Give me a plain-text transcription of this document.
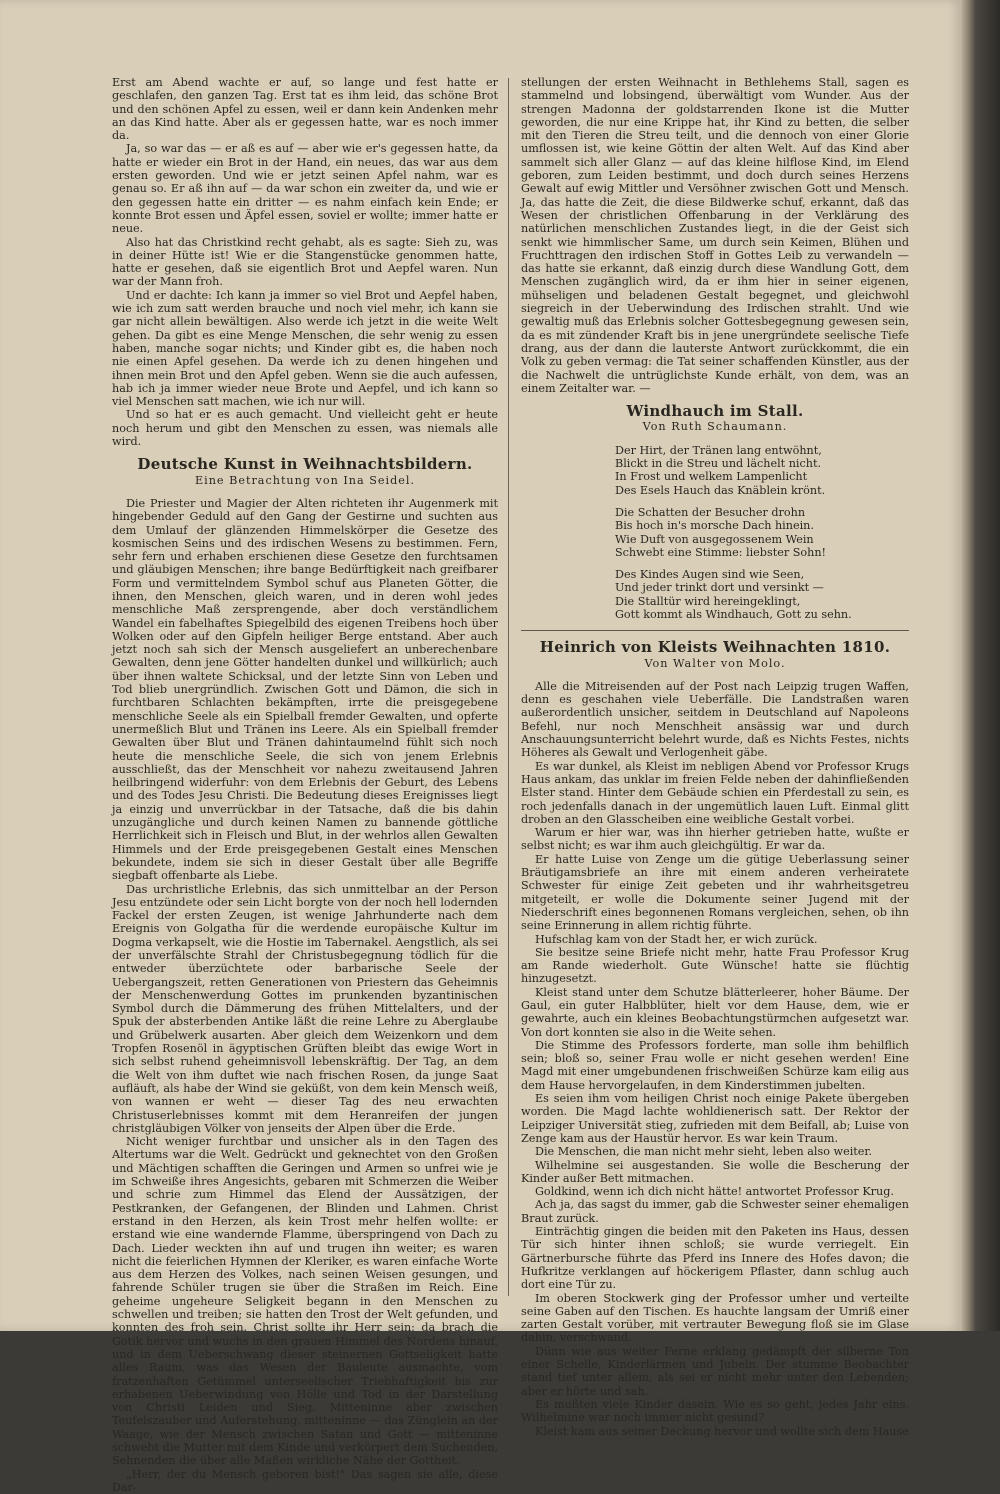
Erst am Abend wachte er auf, so lange und fest hatte er geschlafen, den ganzen Tag. Erst tat es ihm leid, das schöne Brot und den schönen Apfel zu essen, weil er dann kein Andenken mehr an das Kind hatte. Aber als er gegessen hatte, war es noch immer da.

Ja, so war das — er aß es auf — aber wie er's gegessen hatte, da hatte er wieder ein Brot in der Hand, ein neues, das war aus dem ersten geworden. Und wie er jetzt seinen Apfel nahm, war es genau so. Er aß ihn auf — da war schon ein zweiter da, und wie er den gegessen hatte ein dritter — es nahm einfach kein Ende; er konnte Brot essen und Äpfel essen, soviel er wollte; immer hatte er neue.

Also hat das Christkind recht gehabt, als es sagte: Sieh zu, was in deiner Hütte ist! Wie er die Stangenstücke genommen hatte, hatte er gesehen, daß sie eigentlich Brot und Aepfel waren. Nun war der Mann froh.

Und er dachte: Ich kann ja immer so viel Brot und Aepfel haben, wie ich zum satt werden brauche und noch viel mehr, ich kann sie gar nicht allein bewältigen. Also werde ich jetzt in die weite Welt gehen. Da gibt es eine Menge Menschen, die sehr wenig zu essen haben, manche sogar nichts; und Kinder gibt es, die haben noch nie einen Apfel gesehen. Da werde ich zu denen hingehen und ihnen mein Brot und den Apfel geben. Wenn sie die auch aufessen, hab ich ja immer wieder neue Brote und Aepfel, und ich kann so viel Menschen satt machen, wie ich nur will.

Und so hat er es auch gemacht. Und vielleicht geht er heute noch herum und gibt den Menschen zu essen, was niemals alle wird.

Deutsche Kunst in Weihnachtsbildern.
Eine Betrachtung von Ina Seidel.

Die Priester und Magier der Alten richteten ihr Augenmerk mit hingebender Geduld auf den Gang der Gestirne und suchten aus dem Umlauf der glänzenden Himmelskörper die Gesetze des kosmischen Seins und des irdischen Wesens zu bestimmen. Fern, sehr fern und erhaben erschienen diese Gesetze den furchtsamen und gläubigen Menschen; ihre bange Bedürftigkeit nach greifbarer Form und vermittelndem Symbol schuf aus Planeten Götter, die ihnen, den Menschen, gleich waren, und in deren wohl jedes menschliche Maß zersprengende, aber doch verständlichem Wandel ein fabelhaftes Spiegelbild des eigenen Treibens hoch über Wolken oder auf den Gipfeln heiliger Berge entstand. Aber auch jetzt noch sah sich der Mensch ausgeliefert an unberechenbare Gewalten, denn jene Götter handelten dunkel und willkürlich; auch über ihnen waltete Schicksal, und der letzte Sinn von Leben und Tod blieb unergründlich. Zwischen Gott und Dämon, die sich in furchtbaren Schlachten bekämpften, irrte die preisgegebene menschliche Seele als ein Spielball fremder Gewalten, und opferte unermeßlich Blut und Tränen ins Leere. Als ein Spielball fremder Gewalten über Blut und Tränen dahintaumelnd fühlt sich noch heute die menschliche Seele, die sich von jenem Erlebnis ausschließt, das der Menschheit vor nahezu zweitausend Jahren heilbringend widerfuhr: von dem Erlebnis der Geburt, des Lebens und des Todes Jesu Christi. Die Bedeutung dieses Ereignisses liegt ja einzig und unverrückbar in der Tatsache, daß die bis dahin unzugängliche und durch keinen Namen zu bannende göttliche Herrlichkeit sich in Fleisch und Blut, in der wehrlos allen Gewalten Himmels und der Erde preisgegebenen Gestalt eines Menschen bekundete, indem sie sich in dieser Gestalt über alle Begriffe siegbaft offenbarte als Liebe.

Das urchristliche Erlebnis, das sich unmittelbar an der Person Jesu entzündete oder sein Licht borgte von der noch hell lodernden Fackel der ersten Zeugen, ist wenige Jahrhunderte nach dem Ereignis von Golgatha für die werdende europäische Kultur im Dogma verkapselt, wie die Hostie im Tabernakel. Aengstlich, als sei der unverfälschte Strahl der Christusbegegnung tödlich für die entweder überzüchtete oder barbarische Seele der Uebergangszeit, retten Generationen von Priestern das Geheimnis der Menschenwerdung Gottes im prunkenden byzantinischen Symbol durch die Dämmerung des frühen Mittelalters, und der Spuk der absterbenden Antike läßt die reine Lehre zu Aberglaube und Grübelwerk ausarten. Aber gleich dem Weizenkorn und dem Tropfen Rosenöl in ägyptischen Grüften bleibt das ewige Wort in sich selbst ruhend geheimnisvoll lebenskräftig. Der Tag, an dem die Welt von ihm duftet wie nach frischen Rosen, da junge Saat aufläuft, als habe der Wind sie geküßt, von dem kein Mensch weiß, von wannen er weht — dieser Tag des neu erwachten Christuserlebnisses kommt mit dem Heranreifen der jungen christgläubigen Völker von jenseits der Alpen über die Erde.

Nicht weniger furchtbar und unsicher als in den Tagen des Altertums war die Welt. Gedrückt und geknechtet von den Großen und Mächtigen schafften die Geringen und Armen so unfrei wie je im Schweiße ihres Angesichts, gebaren mit Schmerzen die Weiber und schrie zum Himmel das Elend der Aussätzigen, der Pestkranken, der Gefangenen, der Blinden und Lahmen. Christ erstand in den Herzen, als kein Trost mehr helfen wollte: er erstand wie eine wandernde Flamme, überspringend von Dach zu Dach. Lieder weckten ihn auf und trugen ihn weiter; es waren nicht die feierlichen Hymnen der Kleriker, es waren einfache Worte aus dem Herzen des Volkes, nach seinen Weisen gesungen, und fahrende Schüler trugen sie über die Straßen im Reich. Eine geheime ungeheure Seligkeit begann in den Menschen zu schwellen und treiben; sie hatten den Trost der Welt gefunden, und konnten des froh sein. Christ sollte ihr Herr sein: da brach die Gotik hervor und wuchs in den grauen Himmel des Nordens hinauf, und in dem Ueberschwang dieser steinernen Gottseligkeit hatte alles Raum, was das Wesen der Bauleute ausmachte, vom fratzenhaften Getümmel unterseelischer Triebhaftigkeit bis zur erhabenen Ueberwindung von Hölle und Tod in der Darstellung von Christi Leiden und Sieg. Mitteninne aber zwischen Teufelszauber und Auferstehung, mitteninne — das Zünglein an der Waage, wie der Mensch zwischen Satan und Gott — mitteninne schwebt die Mutter mit dem Kinde und verkörpert dem Suchenden, Sehnenden die über alle Maßen wirkliche Nähe der Gottheit.

„Herr, der du Mensch geboren bist!" Das sagen sie alle, diese Dar-

stellungen der ersten Weihnacht in Bethlehems Stall, sagen es stammelnd und lobsingend, überwältigt vom Wunder. Aus der strengen Madonna der goldstarrenden Ikone ist die Mutter geworden, die nur eine Krippe hat, ihr Kind zu betten, die selber mit den Tieren die Streu teilt, und die dennoch von einer Glorie umflossen ist, wie keine Göttin der alten Welt. Auf das Kind aber sammelt sich aller Glanz — auf das kleine hilflose Kind, im Elend geboren, zum Leiden bestimmt, und doch durch seines Herzens Gewalt auf ewig Mittler und Versöhner zwischen Gott und Mensch. Ja, das hatte die Zeit, die diese Bildwerke schuf, erkannt, daß das Wesen der christlichen Offenbarung in der Verklärung des natürlichen menschlichen Zustandes liegt, in die der Geist sich senkt wie himmlischer Same, um durch sein Keimen, Blühen und Fruchttragen den irdischen Stoff in Gottes Leib zu verwandeln — das hatte sie erkannt, daß einzig durch diese Wandlung Gott, dem Menschen zugänglich wird, da er ihm hier in seiner eigenen, mühseligen und beladenen Gestalt begegnet, und gleichwohl siegreich in der Ueberwindung des Irdischen strahlt. Und wie gewaltig muß das Erlebnis solcher Gottesbegegnung gewesen sein, da es mit zündender Kraft bis in jene unergründete seelische Tiefe drang, aus der dann die lauterste Antwort zurückkommt, die ein Volk zu geben vermag: die Tat seiner schaffenden Künstler, aus der die Nachwelt die untrüglichste Kunde erhält, von dem, was an einem Zeitalter war. —

Windhauch im Stall.
Von Ruth Schaumann.
Der Hirt, der Tränen lang entwöhnt,
Blickt in die Streu und lächelt nicht.
In Frost und welkem Lampenlicht
Des Esels Hauch das Knäblein krönt.
Die Schatten der Besucher drohn
Bis hoch in's morsche Dach hinein.
Wie Duft von ausgegossenem Wein
Schwebt eine Stimme: liebster Sohn!
Des Kindes Augen sind wie Seen,
Und jeder trinkt dort und versinkt —
Die Stalltür wird hereingeklingt,
Gott kommt als Windhauch, Gott zu sehn.
Heinrich von Kleists Weihnachten 1810.
Von Walter von Molo.

Alle die Mitreisenden auf der Post nach Leipzig trugen Waffen, denn es geschahen viele Ueberfälle. Die Landstraßen waren außerordentlich unsicher, seitdem in Deutschland auf Napoleons Befehl, nur noch Menschheit ansässig war und durch Anschauungsunterricht belehrt wurde, daß es Nichts Festes, nichts Höheres als Gewalt und Verlogenheit gäbe.

Es war dunkel, als Kleist im nebligen Abend vor Professor Krugs Haus ankam, das unklar im freien Felde neben der dahinfließenden Elster stand. Hinter dem Gebäude schien ein Pferdestall zu sein, es roch jedenfalls danach in der ungemütlich lauen Luft. Einmal glitt droben an den Glasscheiben eine weibliche Gestalt vorbei.

Warum er hier war, was ihn hierher getrieben hatte, wußte er selbst nicht; es war ihm auch gleichgültig. Er war da.

Er hatte Luise von Zenge um die gütige Ueberlassung seiner Bräutigamsbriefe an ihre mit einem anderen verheiratete Schwester für einige Zeit gebeten und ihr wahrheitsgetreu mitgeteilt, er wolle die Dokumente seiner Jugend mit der Niederschrift eines begonnenen Romans vergleichen, sehen, ob ihn seine Erinnerung in allem richtig führte.

Hufschlag kam von der Stadt her, er wich zurück.

Sie besitze seine Briefe nicht mehr, hatte Frau Professor Krug am Rande wiederholt. Gute Wünsche! hatte sie flüchtig hinzugesetzt.

Kleist stand unter dem Schutze blätterleerer, hoher Bäume. Der Gaul, ein guter Halbblüter, hielt vor dem Hause, dem, wie er gewahrte, auch ein kleines Beobachtungstürmchen aufgesetzt war. Von dort konnten sie also in die Weite sehen.

Die Stimme des Professors forderte, man solle ihm behilflich sein; bloß so, seiner Frau wolle er nicht gesehen werden! Eine Magd mit einer umgebundenen frischweißen Schürze kam eilig aus dem Hause hervorgelaufen, in dem Kinderstimmen jubelten.

Es seien ihm vom heiligen Christ noch einige Pakete übergeben worden. Die Magd lachte wohldienerisch satt. Der Rektor der Leipziger Universität stieg, zufrieden mit dem Beifall, ab; Luise von Zenge kam aus der Haustür hervor. Es war kein Traum.

Die Menschen, die man nicht mehr sieht, leben also weiter.

Wilhelmine sei ausgestanden. Sie wolle die Bescherung der Kinder außer Bett mitmachen.

Goldkind, wenn ich dich nicht hätte! antwortet Professor Krug.

Ach ja, das sagst du immer, gab die Schwester seiner ehemaligen Braut zurück.

Einträchtig gingen die beiden mit den Paketen ins Haus, dessen Tür sich hinter ihnen schloß; sie wurde verriegelt. Ein Gärtnerbursche führte das Pferd ins Innere des Hofes davon; die Hufkritze verklangen auf höckerigem Pflaster, dann schlug auch dort eine Tür zu.

Im oberen Stockwerk ging der Professor umher und verteilte seine Gaben auf den Tischen. Es hauchte langsam der Umriß einer zarten Gestalt vorüber, mit vertrauter Bewegung floß sie im Glase dahin, verschwand.

Dünn wie aus weiter Ferne erklang gedämpft der silberne Ton einer Schelle, Kinderlärmen und Jubeln. Der stumme Beobachter stand tief unter allem, als sei er nicht mehr unter den Lebenden; aber er hörte und sah.

Es mußten viele Kinder dasein. Wie es so geht, jedes Jahr eins. Wilhelmine war noch immer nicht gesund?

Kleist kam aus seiner Deckung hervor und wollte sich dem Hause
